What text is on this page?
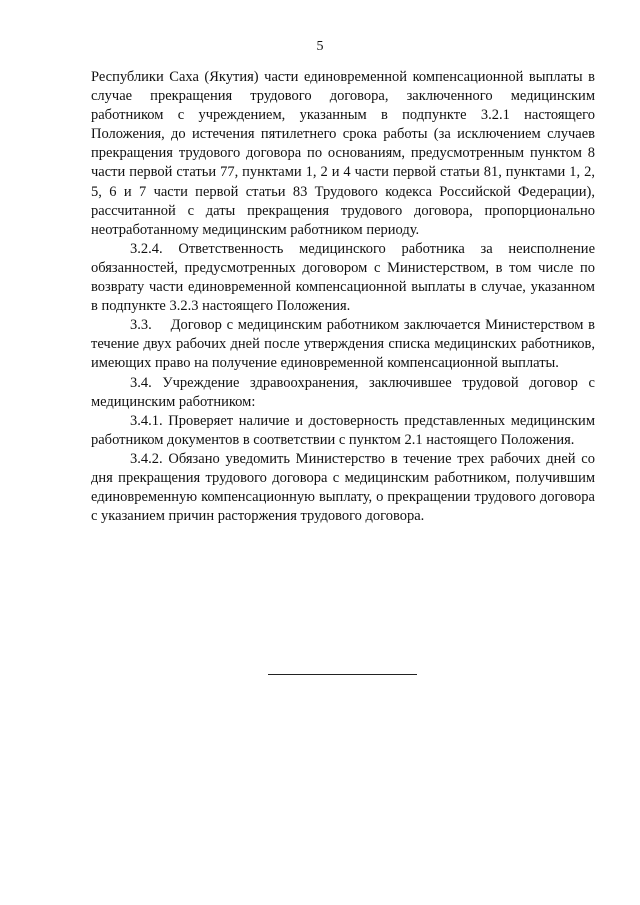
5

Республики Саха (Якутия) части единовременной компенсационной выплаты в случае прекращения трудового договора, заключенного медицинским работником с учреждением, указанным в подпункте 3.2.1 настоящего Положения, до истечения пятилетнего срока работы (за исключением случаев прекращения трудового договора по основаниям, предусмотренным пунктом 8 части первой статьи 77, пунктами 1, 2 и 4 части первой статьи 81, пунктами 1, 2, 5, 6 и 7 части первой статьи 83 Трудового кодекса Российской Федерации), рассчитанной с даты прекращения трудового договора, пропорционально неотработанному медицинским работником периоду.

3.2.4. Ответственность медицинского работника за неисполнение обязанностей, предусмотренных договором с Министерством, в том числе по возврату части единовременной компенсационной выплаты в случае, указанном в подпункте 3.2.3 настоящего Положения.

3.3.    Договор с медицинским работником заключается Министерством в течение двух рабочих дней после утверждения списка медицинских работников, имеющих право на получение единовременной компенсационной выплаты.

3.4. Учреждение здравоохранения, заключившее трудовой договор с медицинским работником:

3.4.1. Проверяет наличие и достоверность представленных медицинским работником документов в соответствии с пунктом 2.1 настоящего Положения.

3.4.2. Обязано уведомить Министерство в течение трех рабочих дней со дня прекращения трудового договора с медицинским работником, получившим единовременную компенсационную выплату, о прекращении трудового договора с указанием причин расторжения трудового договора.
